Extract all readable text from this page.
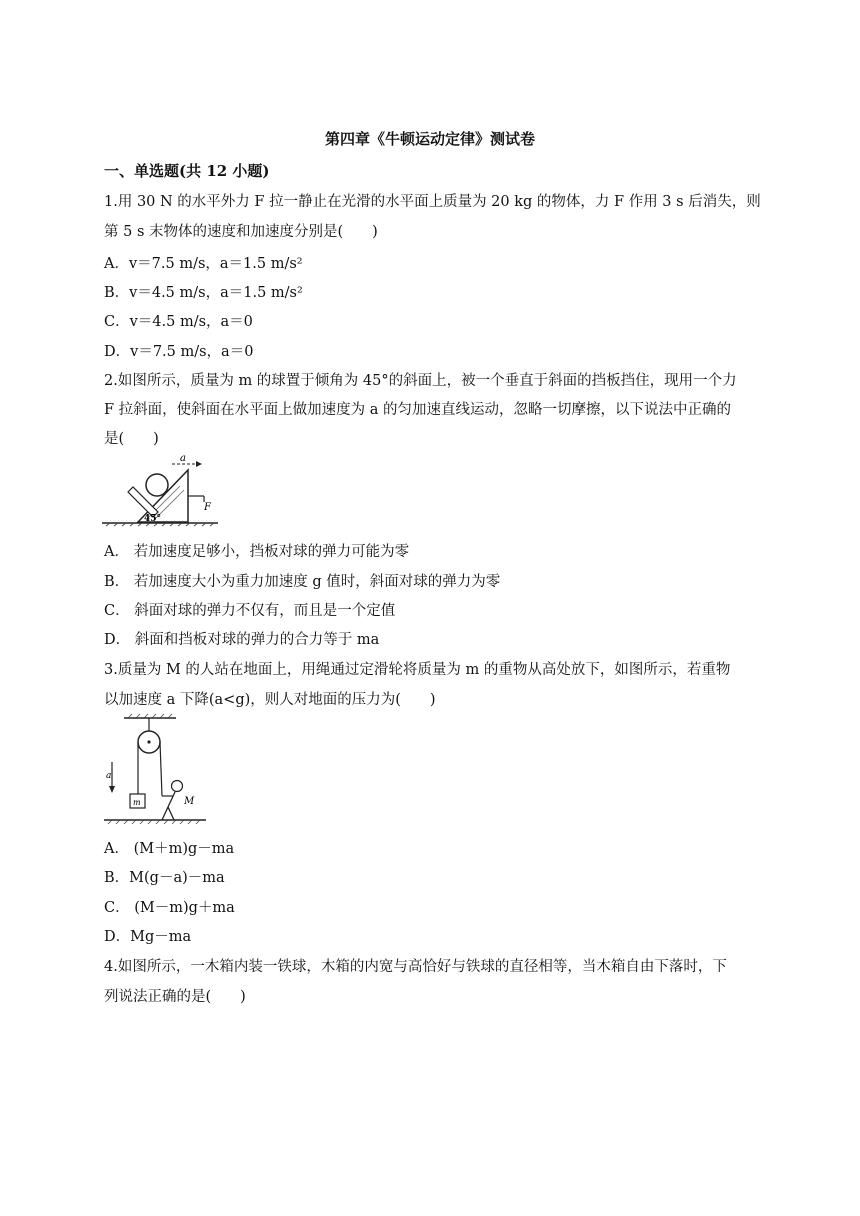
第四章《牛顿运动定律》测试卷
一、单选题(共 12 小题)
1.用 30 N 的水平外力 F 拉一静止在光滑的水平面上质量为 20 kg 的物体，力 F 作用 3 s 后消失，则
第 5 s 末物体的速度和加速度分别是(　　)
A．v＝7.5 m/s，a＝1.5 m/s²
B．v＝4.5 m/s，a＝1.5 m/s²
C．v＝4.5 m/s，a＝0
D．v＝7.5 m/s，a＝0
2.如图所示，质量为 m 的球置于倾角为 45°的斜面上，被一个垂直于斜面的挡板挡住，现用一个力
F 拉斜面，使斜面在水平面上做加速度为 a 的匀加速直线运动，忽略一切摩擦，以下说法中正确的
是(　　)
a
F
45°
A． 若加速度足够小，挡板对球的弹力可能为零
B． 若加速度大小为重力加速度 g 值时，斜面对球的弹力为零
C． 斜面对球的弹力不仅有，而且是一个定值
D． 斜面和挡板对球的弹力的合力等于 ma
3.质量为 M 的人站在地面上，用绳通过定滑轮将质量为 m 的重物从高处放下，如图所示，若重物
以加速度 a 下降(a<g)，则人对地面的压力为(　　)
a
m	M
A． (M＋m)g－ma
B．M(g－a)－ma
C． (M－m)g＋ma
D．Mg－ma
4.如图所示，一木箱内装一铁球，木箱的内宽与高恰好与铁球的直径相等，当木箱自由下落时，下
列说法正确的是(　　)
